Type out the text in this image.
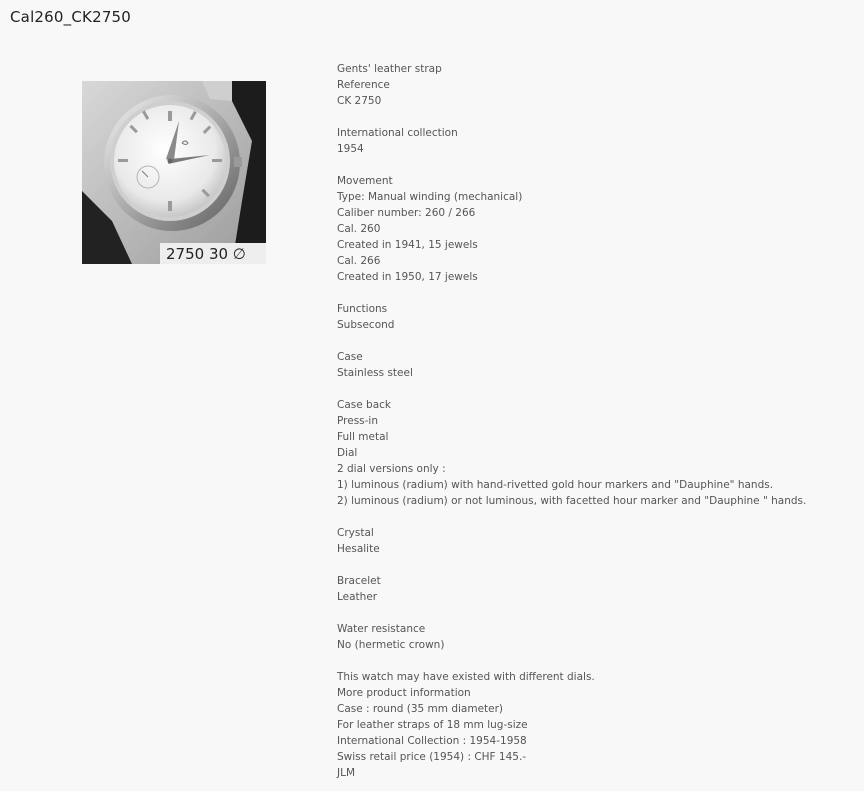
Cal260_CK2750
2750 30 ∅
Gents' leather strap
Reference
CK 2750
International collection
1954
Movement
Type: Manual winding (mechanical)
Caliber number: 260 / 266
Cal. 260
Created in 1941, 15 jewels
Cal. 266
Created in 1950, 17 jewels
Functions
Subsecond
Case
Stainless steel
Case back
Press-in
Full metal
Dial
2 dial versions only :
1) luminous (radium) with hand-rivetted gold hour markers and "Dauphine" hands.
2) luminous (radium) or not luminous, with facetted hour marker and "Dauphine " hands.
Crystal
Hesalite
Bracelet
Leather
Water resistance
No (hermetic crown)
This watch may have existed with different dials.
More product information
Case : round (35 mm diameter)
For leather straps of 18 mm lug-size
International Collection : 1954-1958
Swiss retail price (1954) : CHF 145.-
JLM
